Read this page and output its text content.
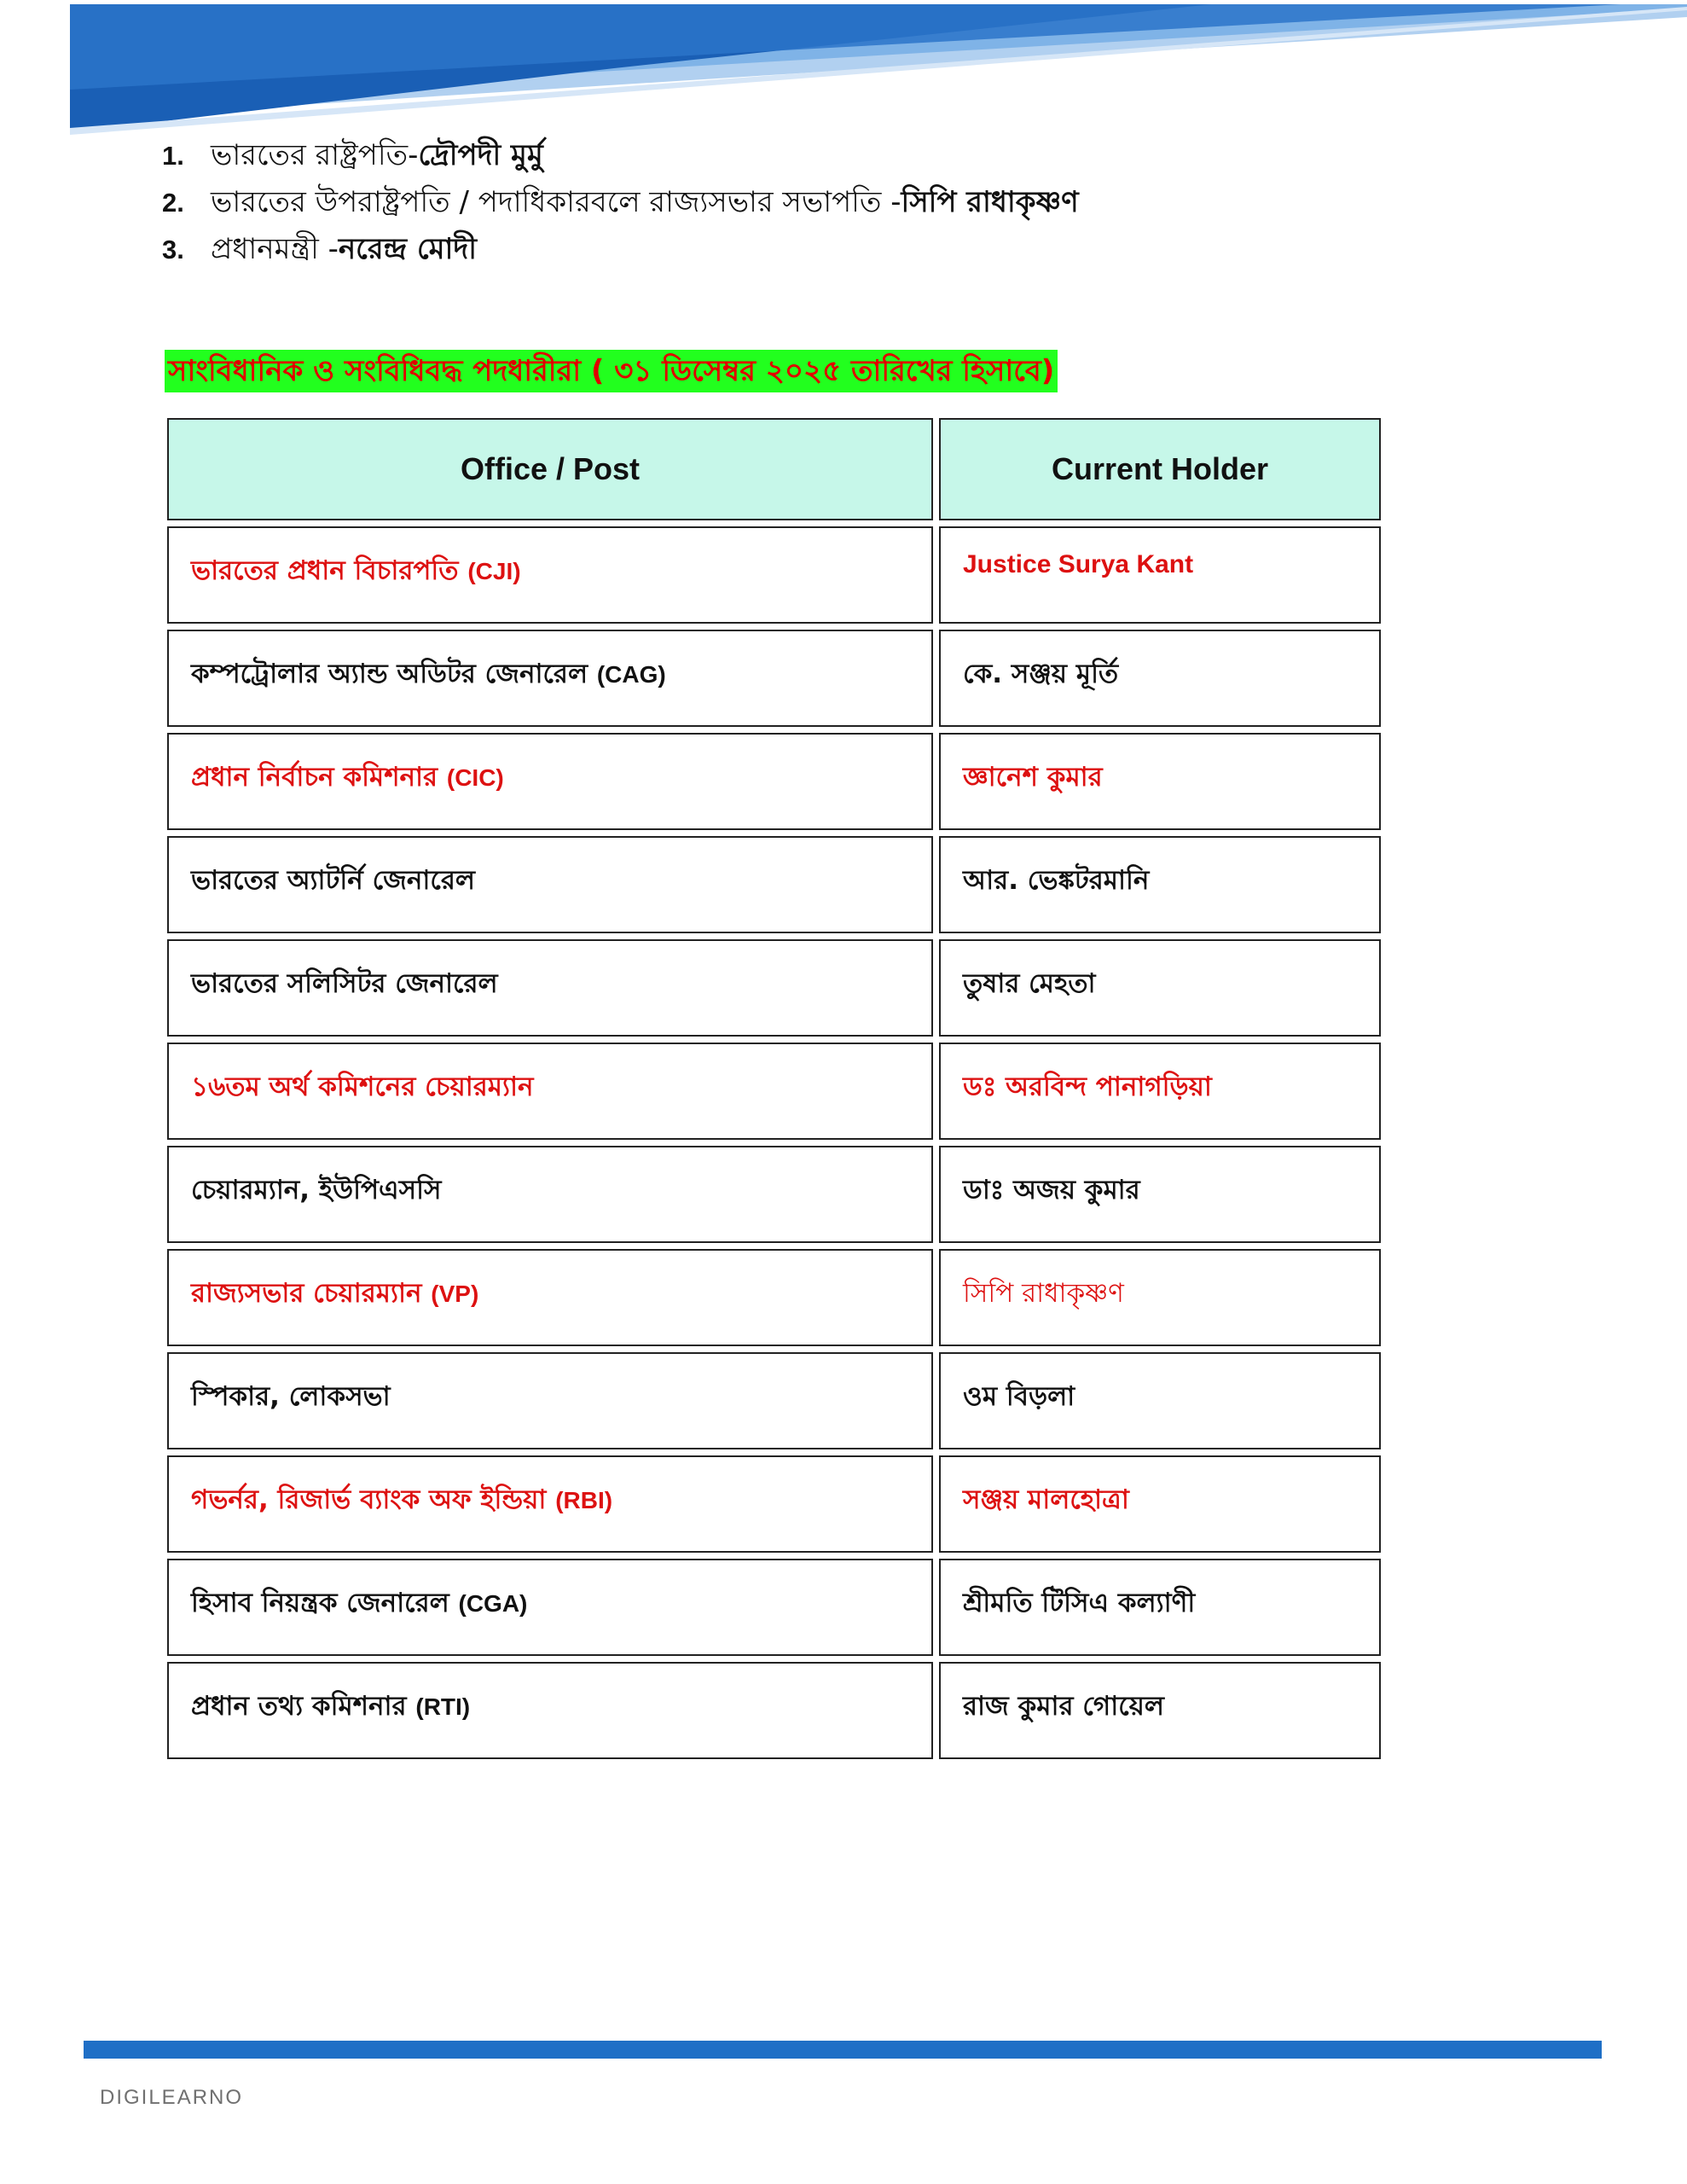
1. ভারতের রাষ্ট্রপতি- দ্রৌপদী মুর্মু
2. ভারতের উপরাষ্ট্রপতি / পদাধিকারবলে রাজ্যসভার সভাপতি - সিপি রাধাকৃষ্ণণ
3. প্রধানমন্ত্রী - নরেন্দ্র মোদী
সাংবিধানিক ও সংবিধিবদ্ধ পদধারীরা ( ৩১ ডিসেম্বর ২০২৫ তারিখের হিসাবে)
Office / Post	Current Holder
ভারতের প্রধান বিচারপতি (CJI)	Justice Surya Kant
কম্পট্রোলার অ্যান্ড অডিটর জেনারেল (CAG)	কে. সঞ্জয় মূর্তি
প্রধান নির্বাচন কমিশনার (CIC)	জ্ঞানেশ কুমার
ভারতের অ্যাটর্নি জেনারেল	আর. ভেঙ্কটরমানি
ভারতের সলিসিটর জেনারেল	তুষার মেহতা
১৬তম অর্থ কমিশনের চেয়ারম্যান	ডঃ অরবিন্দ পানাগড়িয়া
চেয়ারম্যান, ইউপিএসসি	ডাঃ অজয় কুমার
রাজ্যসভার চেয়ারম্যান (VP)	সিপি রাধাকৃষ্ণণ
স্পিকার, লোকসভা	ওম বিড়লা
গভর্নর, রিজার্ভ ব্যাংক অফ ইন্ডিয়া (RBI)	সঞ্জয় মালহোত্রা
হিসাব নিয়ন্ত্রক জেনারেল (CGA)	শ্রীমতি টিসিএ কল্যাণী
প্রধান তথ্য কমিশনার (RTI)	রাজ কুমার গোয়েল
DIGILEARNO
